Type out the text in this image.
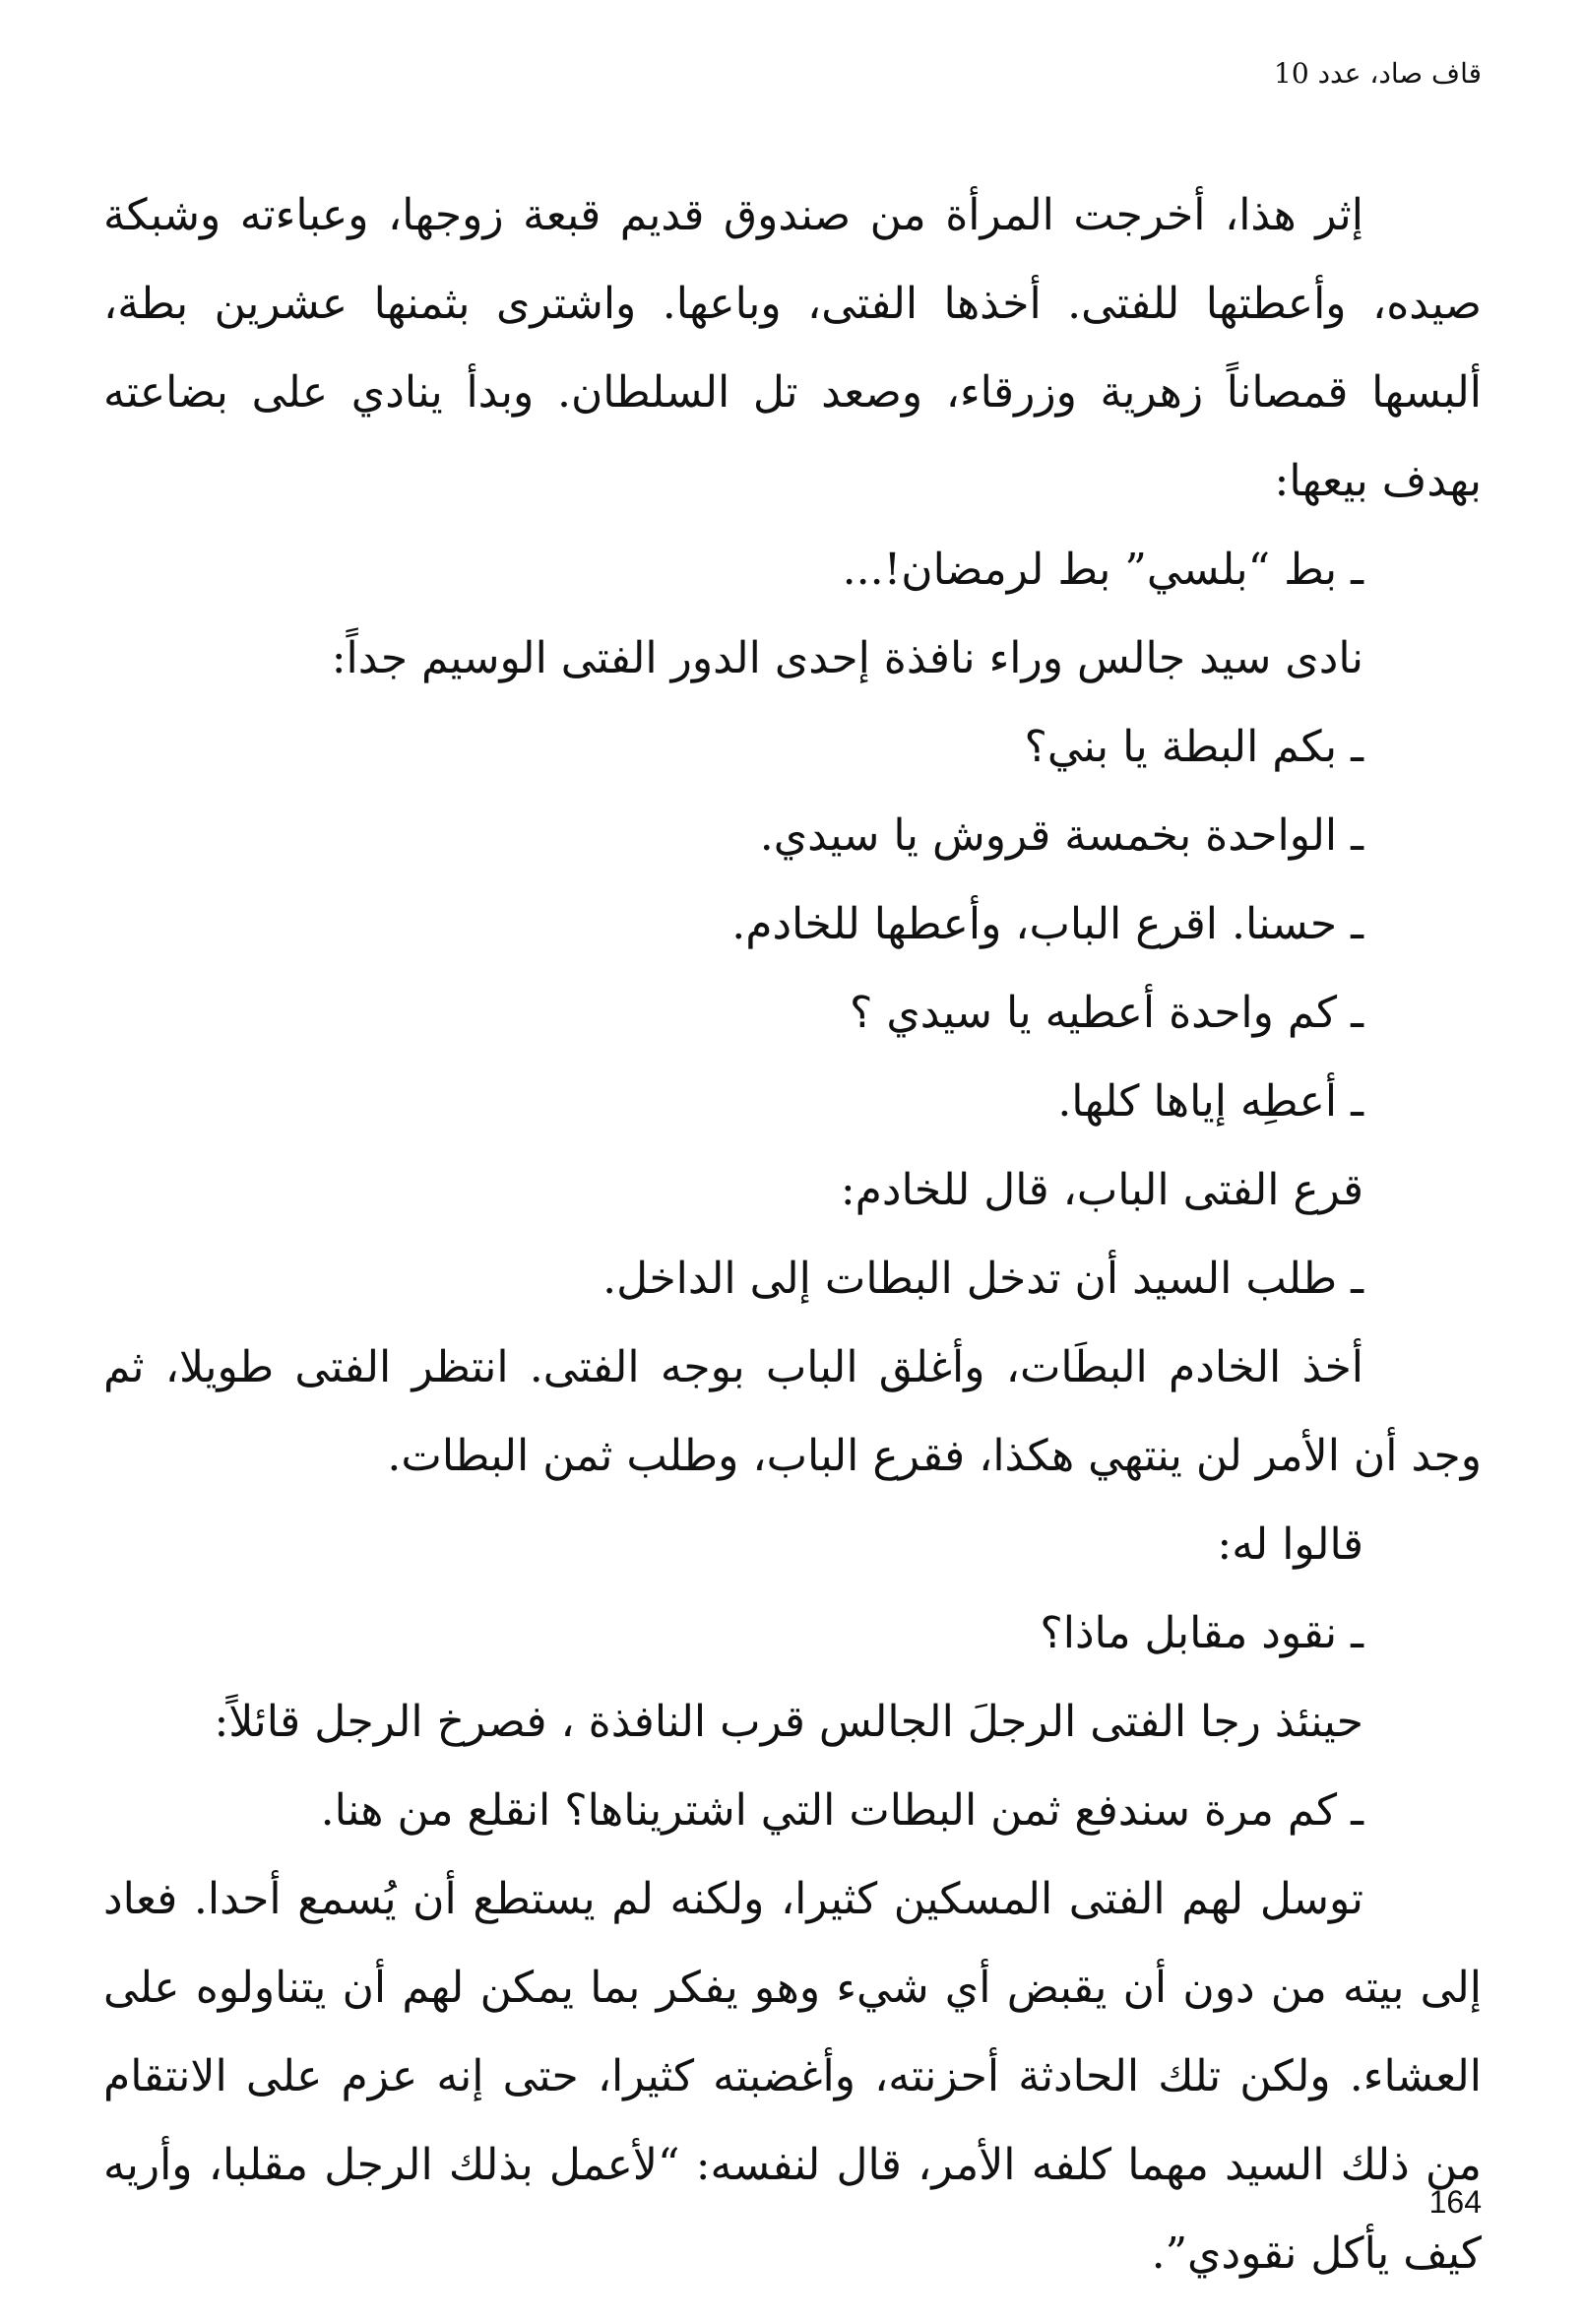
قاف صاد، عدد 10

إثر هذا، أخرجت المرأة من صندوق قديم قبعة زوجها، وعباءته وشبكة صيده، وأعطتها للفتى. أخذها الفتى، وباعها. واشترى بثمنها عشرين بطة، ألبسها قمصاناً زهرية وزرقاء، وصعد تل السلطان. وبدأ ينادي على بضاعته بهدف بيعها:

ـ بط “بلسي” بط لرمضان!...

نادى سيد جالس وراء نافذة إحدى الدور الفتى الوسيم جداً:

ـ بكم البطة يا بني؟

ـ الواحدة بخمسة قروش يا سيدي.

ـ حسنا. اقرع الباب، وأعطها للخادم.

ـ كم واحدة أعطيه يا سيدي ؟

ـ أعطِه إياها كلها.

قرع الفتى الباب، قال للخادم:

ـ طلب السيد أن تدخل البطات إلى الداخل.

أخذ الخادم البطَات، وأغلق الباب بوجه الفتى. انتظر الفتى طويلا، ثم وجد أن الأمر لن ينتهي هكذا، فقرع الباب، وطلب ثمن البطات.

قالوا له:

ـ نقود مقابل ماذا؟

حينئذ رجا الفتى الرجلَ الجالس قرب النافذة ، فصرخ الرجل قائلاً:

ـ كم مرة سندفع ثمن البطات التي اشتريناها؟ انقلع من هنا.

توسل لهم الفتى المسكين كثيرا، ولكنه لم يستطع أن يُسمع أحدا. فعاد إلى بيته من دون أن يقبض أي شيء وهو يفكر بما يمكن لهم أن يتناولوه على العشاء. ولكن تلك الحادثة أحزنته، وأغضبته كثيرا، حتى إنه عزم على الانتقام من ذلك السيد مهما كلفه الأمر، قال لنفسه: “لأعمل بذلك الرجل مقلبا، وأريه كيف يأكل نقودي”.

164
